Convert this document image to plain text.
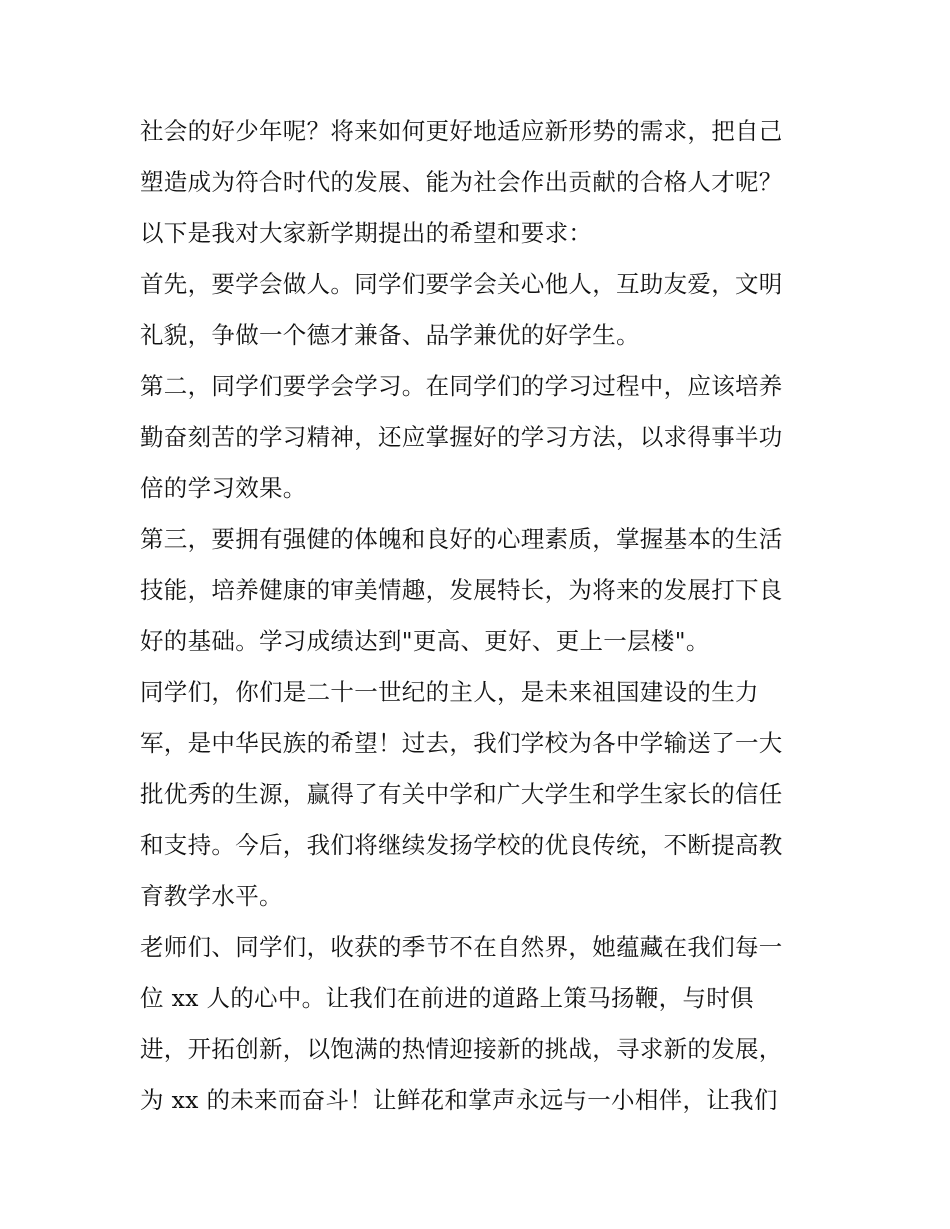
社会的好少年呢？将来如何更好地适应新形势的需求，把自己
塑造成为符合时代的发展、能为社会作出贡献的合格人才呢？
以下是我对大家新学期提出的希望和要求：
首先，要学会做人。同学们要学会关心他人，互助友爱，文明
礼貌，争做一个德才兼备、品学兼优的好学生。
第二，同学们要学会学习。在同学们的学习过程中，应该培养
勤奋刻苦的学习精神，还应掌握好的学习方法，以求得事半功
倍的学习效果。
第三，要拥有强健的体魄和良好的心理素质，掌握基本的生活
技能，培养健康的审美情趣，发展特长，为将来的发展打下良
好的基础。学习成绩达到"更高、更好、更上一层楼"。
同学们，你们是二十一世纪的主人，是未来祖国建设的生力
军，是中华民族的希望！过去，我们学校为各中学输送了一大
批优秀的生源，赢得了有关中学和广大学生和学生家长的信任
和支持。今后，我们将继续发扬学校的优良传统，不断提高教
育教学水平。
老师们、同学们，收获的季节不在自然界，她蕴藏在我们每一
位 xx 人的心中。让我们在前进的道路上策马扬鞭，与时俱
进，开拓创新，以饱满的热情迎接新的挑战，寻求新的发展，
为 xx 的未来而奋斗！让鲜花和掌声永远与一小相伴，让我们
